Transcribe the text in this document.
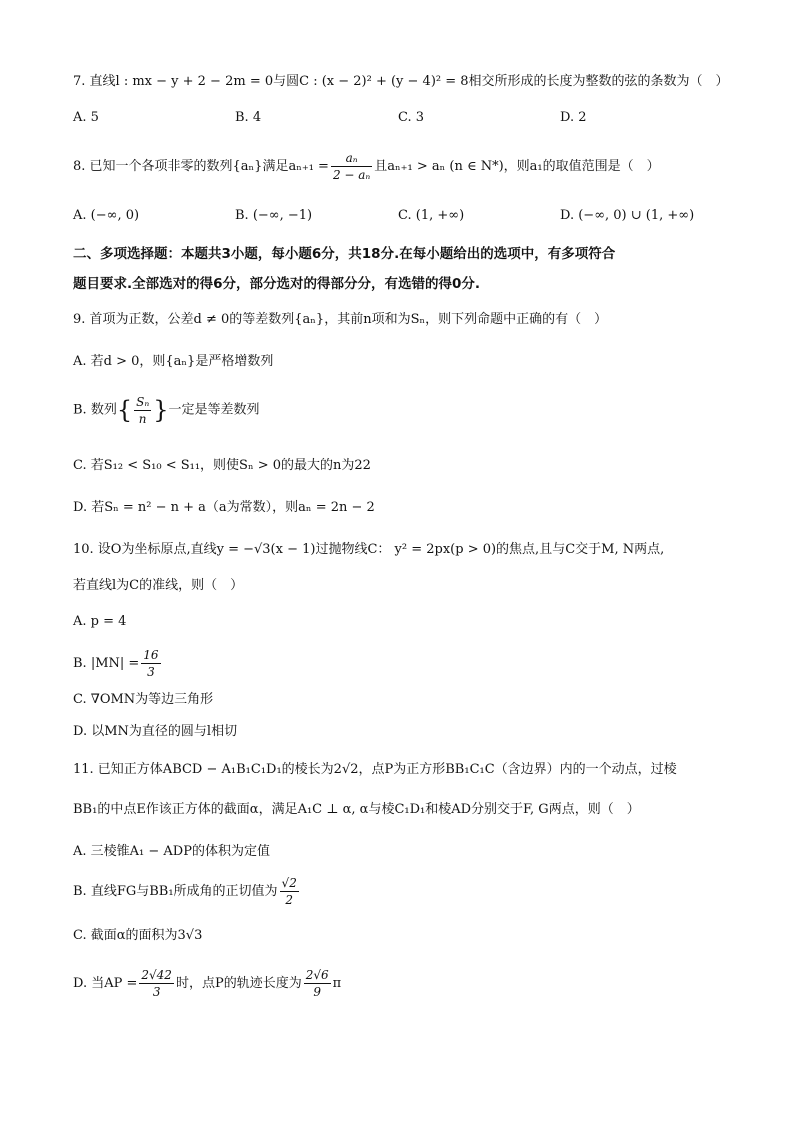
7. 直线l : mx − y + 2 − 2m = 0与圆C : (x − 2)² + (y − 4)² = 8相交所形成的长度为整数的弦的条数为（　）
A. 5	B. 4	C. 3	D. 2
8. 已知一个各项非零的数列{aₙ}满足$a_{n+1} = \frac{\text{aₙ}}{\text{2 − aₙ}}$ 且aₙ₊₁ > aₙ (n ∈ N*)，则a₁的取值范围是（　）
A. (−∞, 0)	B. (−∞, −1)	C. (1, +∞)	D. (−∞, 0) ∪ (1, +∞)
二、多项选择题：本题共3小题，每小题6分，共18分.在每小题给出的选项中，有多项符合
题目要求.全部选对的得6分，部分选对的得部分分，有选错的得0分.
9. 首项为正数，公差d ≠ 0的等差数列{aₙ}，其前n项和为Sₙ，则下列命题中正确的有（　）
A. 若d > 0，则{aₙ}是严格增数列
B. 数列{ $\frac{\text{Sₙ}}{n}$ }一定是等差数列
C. 若S₁₂ < S₁₀ < S₁₁，则使Sₙ > 0的最大的n为22
D. 若Sₙ = n² − n + a（a为常数），则aₙ = 2n − 2
10. 设O为坐标原点,直线y = −√3(x − 1)过抛物线C： y² = 2px(p > 0)的焦点,且与C交于M, N两点,
若直线l为C的准线，则（　）
A. p = 4
B. $|MN| = \frac{16}{3}$
C. ∇OMN为等边三角形
D. 以MN为直径的圆与l相切
11. 已知正方体ABCD − A₁B₁C₁D₁的棱长为2√2，点P为正方形BB₁C₁C（含边界）内的一个动点，过棱
BB₁的中点E作该正方体的截面α，满足A₁C ⊥ α, α与棱C₁D₁和棱AD分别交于F, G两点，则（　）
A. 三棱锥A₁ − ADP的体积为定值
B. 直线FG与BB₁所成角的正切值为 $\frac{√2}{2}$
C. 截面α的面积为3√3
D. 当AP = $\frac{2√42}{3}$ 时，点P的轨迹长度为 $\frac{2√6}{9}$ π
